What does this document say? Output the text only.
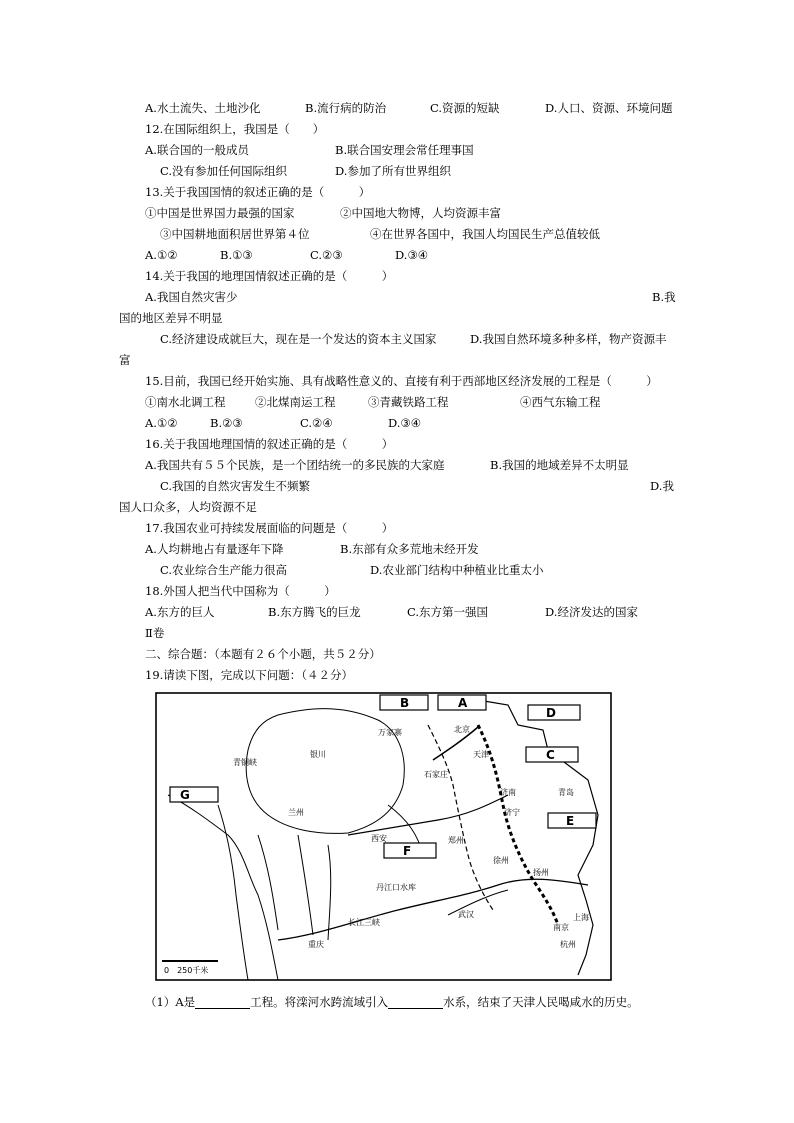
A.水土流失、土地沙化	B.流行病的防治	C.资源的短缺	D.人口、资源、环境问题
12.在国际组织上，我国是（　　）
A.联合国的一般成员	B.联合国安理会常任理事国
C.没有参加任何国际组织	D.参加了所有世界组织
13.关于我国国情的叙述正确的是（　　　）
①中国是世界国力最强的国家	②中国地大物博，人均资源丰富
③中国耕地面积居世界第４位	④在世界各国中，我国人均国民生产总值较低
A.①②	B.①③	C.②③	D.③④
14.关于我国的地理国情叙述正确的是（　　　）
A.我国自然灾害少	B.我
国的地区差异不明显
C.经济建设成就巨大，现在是一个发达的资本主义国家	D.我国自然环境多种多样，物产资源丰
富
15.目前，我国已经开始实施、具有战略性意义的、直接有利于西部地区经济发展的工程是（　　　）
①南水北调工程	②北煤南运工程	③青藏铁路工程	④西气东输工程
A.①②	B.②③	C.②④	D.③④
16.关于我国地理国情的叙述正确的是（　　　）
A.我国共有５５个民族，是一个团结统一的多民族的大家庭	B.我国的地域差异不太明显
C.我国的自然灾害发生不频繁	D.我
国人口众多，人均资源不足
17.我国农业可持续发展面临的问题是（　　　）
A.人均耕地占有量逐年下降	B.东部有众多荒地未经开发
C.农业综合生产能力很高	D.农业部门结构中种植业比重太小
18.外国人把当代中国称为（　　　）
A.东方的巨人	B.东方腾飞的巨龙	C.东方第一强国	D.经济发达的国家
Ⅱ卷
二、综合题：（本题有２６个小题，共５２分）
19.请读下图，完成以下问题：（４２分）
B	A
D
C
G
E
F
万家寨	北京
天津
银川
青铜峡
石家庄
兰州
西安
济南
济宁
郑州
青岛
徐州
扬州
南京
上海
杭州
武汉
重庆
长江三峡
丹江口水库
0　250千米
（1）A是	工程。将滦河水跨流域引入	水系，结束了天津人民喝咸水的历史。
